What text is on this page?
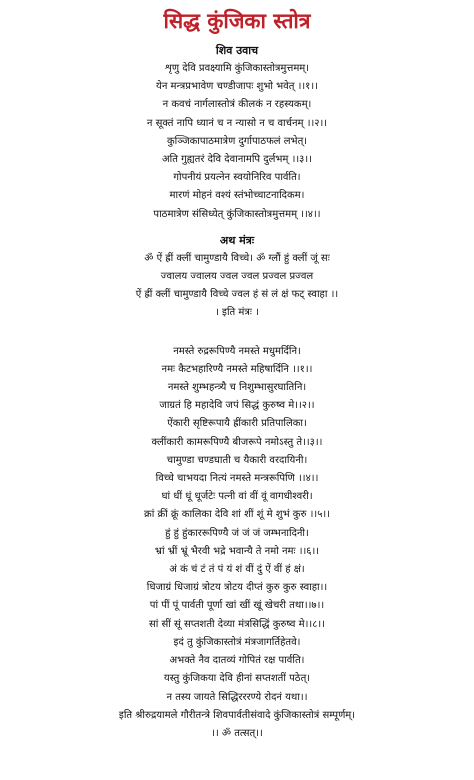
सिद्ध कुंजिका स्तोत्र
शिव उवाच
शृणु देवि प्रवक्ष्यामि कुंजिकास्तोत्रमुत्तमम्।
येन मन्त्रप्रभावेण चण्डीजापः शुभो भवेत् ।।१।।
न कवचं नार्गलास्तोत्रं कीलकं न रहस्यकम्।
न सूक्तं नापि ध्यानं च न न्यासो न च वार्चनम् ।।२।।
कुञ्जिकापाठमात्रेण दुर्गापाठफलं लभेत्।
अति गुह्यतरं देवि देवानामपि दुर्लभम् ।।३।।
गोपनीयं प्रयत्नेन स्वयोनिरिव पार्वति।
मारणं मोहनं वश्यं स्तंभोच्चाटनादिकम।
पाठमात्रेण संसिध्येत् कुंजिकास्तोत्रमुत्तमम् ।।४।।
अथ मंत्रः
ॐ ऐं ह्रीं क्लीं चामुण्डायै विच्चे। ॐ ग्लौं हुं क्लीं जूं सः
ज्वालय ज्वालय ज्वल ज्वल प्रज्वल प्रज्वल
ऐं ह्रीं क्लीं चामुण्डायै विच्चे ज्वल हं सं लं क्षं फट् स्वाहा ।।
। इति मंत्रः ।
नमस्ते रुद्ररूपिण्यै नमस्ते मधुमर्दिनि।
नमः कैटभहारिण्यै नमस्ते महिषार्दिनि ।।१।।
नमस्ते शुम्भहन्त्र्यै च निशुम्भासुरघातिनि।
जाग्रतं हि महादेवि जपं सिद्धं कुरुष्व मे।।२।।
ऐंकारी सृष्टिरूपायै ह्रींकारी प्रतिपालिका।
क्लींकारी कामरूपिण्यै बीजरूपे नमोऽस्तु ते।।३।।
चामुण्डा चण्डघाती च यैकारी वरदायिनी।
विच्चे चाभयदा नित्यं नमस्ते मन्त्ररूपिणि ।।४।।
धां धीं धूं धूर्जटेः पत्नी वां वीं वूं वागधीश्वरी।
क्रां क्रीं क्रूं कालिका देवि शां शीं शूं मे शुभं कुरु ।।५।।
हुं हुं हुंकाररूपिण्यै जं जं जं जम्भनादिनी।
भ्रां भ्रीं भ्रूं भैरवी भद्रे भवान्यै ते नमो नमः ।।६।।
अं कं चं टं तं पं यं शं वीं दुं ऐं वीं हं क्षं।
धिजाग्रं धिजाग्रं त्रोटय त्रोटय दीप्तं कुरु कुरु स्वाहा।।
पां पीं पूं पार्वती पूर्णा खां खीं खूं खेचरी तथा।।७।।
सां सीं सूं सप्तशती देव्या मंत्रसिद्धिं कुरुष्व मे।।८।।
इदं तु कुंजिकास्तोत्रं मंत्रजागर्तिहेतवे।
अभक्ते नैव दातव्यं गोपितं रक्ष पार्वति।
यस्तु कुंजिकया देवि हीनां सप्तशतीं पठेत्।
न तस्य जायते सिद्धिरररण्ये रोदनं यथा।।
इति श्रीरुद्रयामले गौरीतन्त्रे शिवपार्वतीसंवादे कुंजिकास्तोत्रं सम्पूर्णम्।
।। ॐ तत्सत्।।
